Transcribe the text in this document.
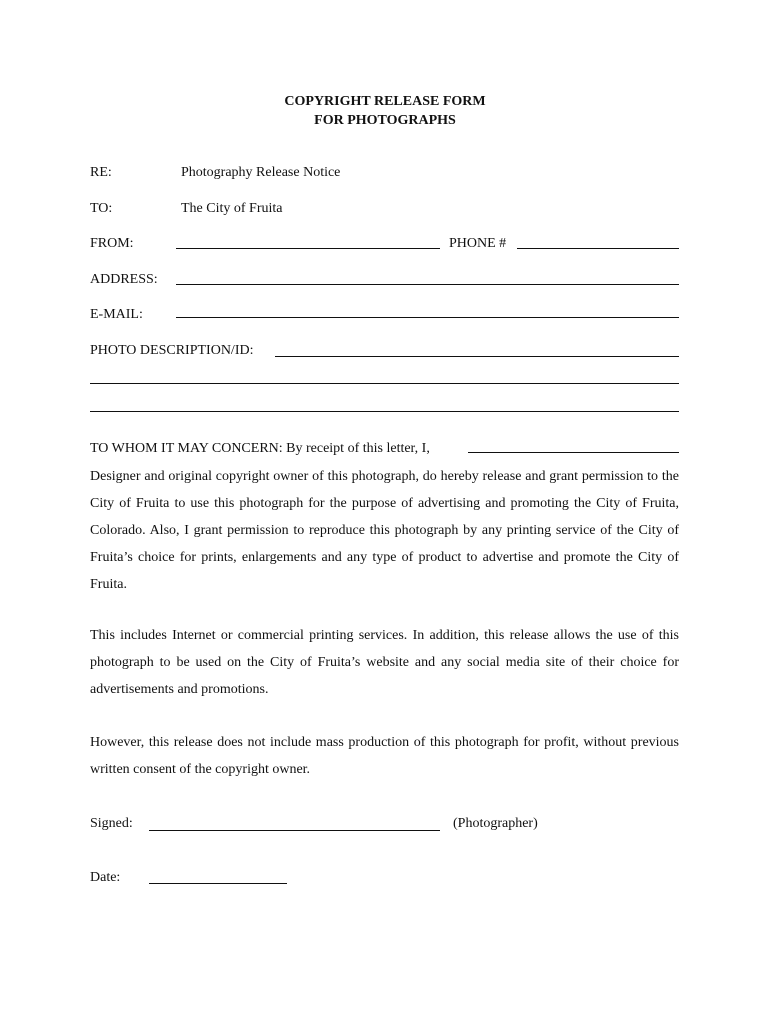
COPYRIGHT RELEASE FORM
FOR PHOTOGRAPHS
RE:	Photography Release Notice
TO:	The City of Fruita
FROM:	PHONE #
ADDRESS:
E-MAIL:
PHOTO DESCRIPTION/ID:
TO WHOM IT MAY CONCERN: By receipt of this letter, I,
Designer and original copyright owner of this photograph, do hereby release and grant permission to the City of Fruita to use this photograph for the purpose of advertising and promoting the City of Fruita, Colorado. Also, I grant permission to reproduce this photograph by any printing service of the City of Fruita’s choice for prints, enlargements and any type of product to advertise and promote the City of Fruita.
This includes Internet or commercial printing services. In addition, this release allows the use of this photograph to be used on the City of Fruita’s website and any social media site of their choice for advertisements and promotions.
However, this release does not include mass production of this photograph for profit, without previous written consent of the copyright owner.
Signed:	(Photographer)
Date:
